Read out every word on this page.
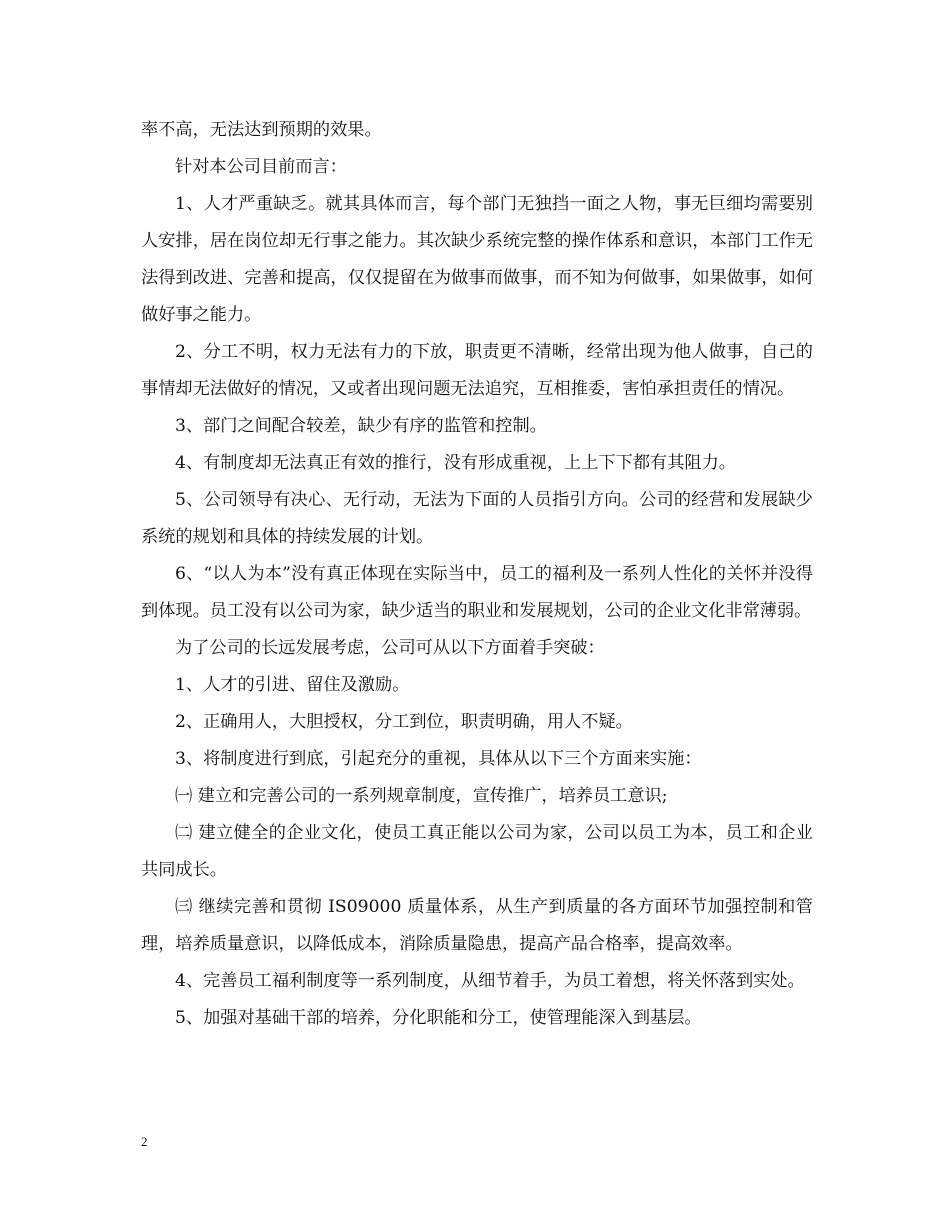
率不高，无法达到预期的效果。

针对本公司目前而言：

1、人才严重缺乏。就其具体而言，每个部门无独挡一面之人物，事无巨细均需要别人安排，居在岗位却无行事之能力。其次缺少系统完整的操作体系和意识，本部门工作无法得到改进、完善和提高，仅仅提留在为做事而做事，而不知为何做事，如果做事，如何做好事之能力。

2、分工不明，权力无法有力的下放，职责更不清晰，经常出现为他人做事，自己的事情却无法做好的情况，又或者出现问题无法追究，互相推委，害怕承担责任的情况。

3、部门之间配合较差，缺少有序的监管和控制。

4、有制度却无法真正有效的推行，没有形成重视，上上下下都有其阻力。

5、公司领导有决心、无行动，无法为下面的人员指引方向。公司的经营和发展缺少系统的规划和具体的持续发展的计划。

6、“以人为本”没有真正体现在实际当中，员工的福利及一系列人性化的关怀并没得到体现。员工没有以公司为家，缺少适当的职业和发展规划，公司的企业文化非常薄弱。

为了公司的长远发展考虑，公司可从以下方面着手突破：

1、人才的引进、留住及激励。

2、正确用人，大胆授权，分工到位，职责明确，用人不疑。

3、将制度进行到底，引起充分的重视，具体从以下三个方面来实施：

㈠ 建立和完善公司的一系列规章制度，宣传推广，培养员工意识;

㈡ 建立健全的企业文化，使员工真正能以公司为家，公司以员工为本，员工和企业共同成长。

㈢ 继续完善和贯彻 IS09000 质量体系，从生产到质量的各方面环节加强控制和管理，培养质量意识，以降低成本，消除质量隐患，提高产品合格率，提高效率。

4、完善员工福利制度等一系列制度，从细节着手，为员工着想，将关怀落到实处。

5、加强对基础干部的培养，分化职能和分工，使管理能深入到基层。

2
